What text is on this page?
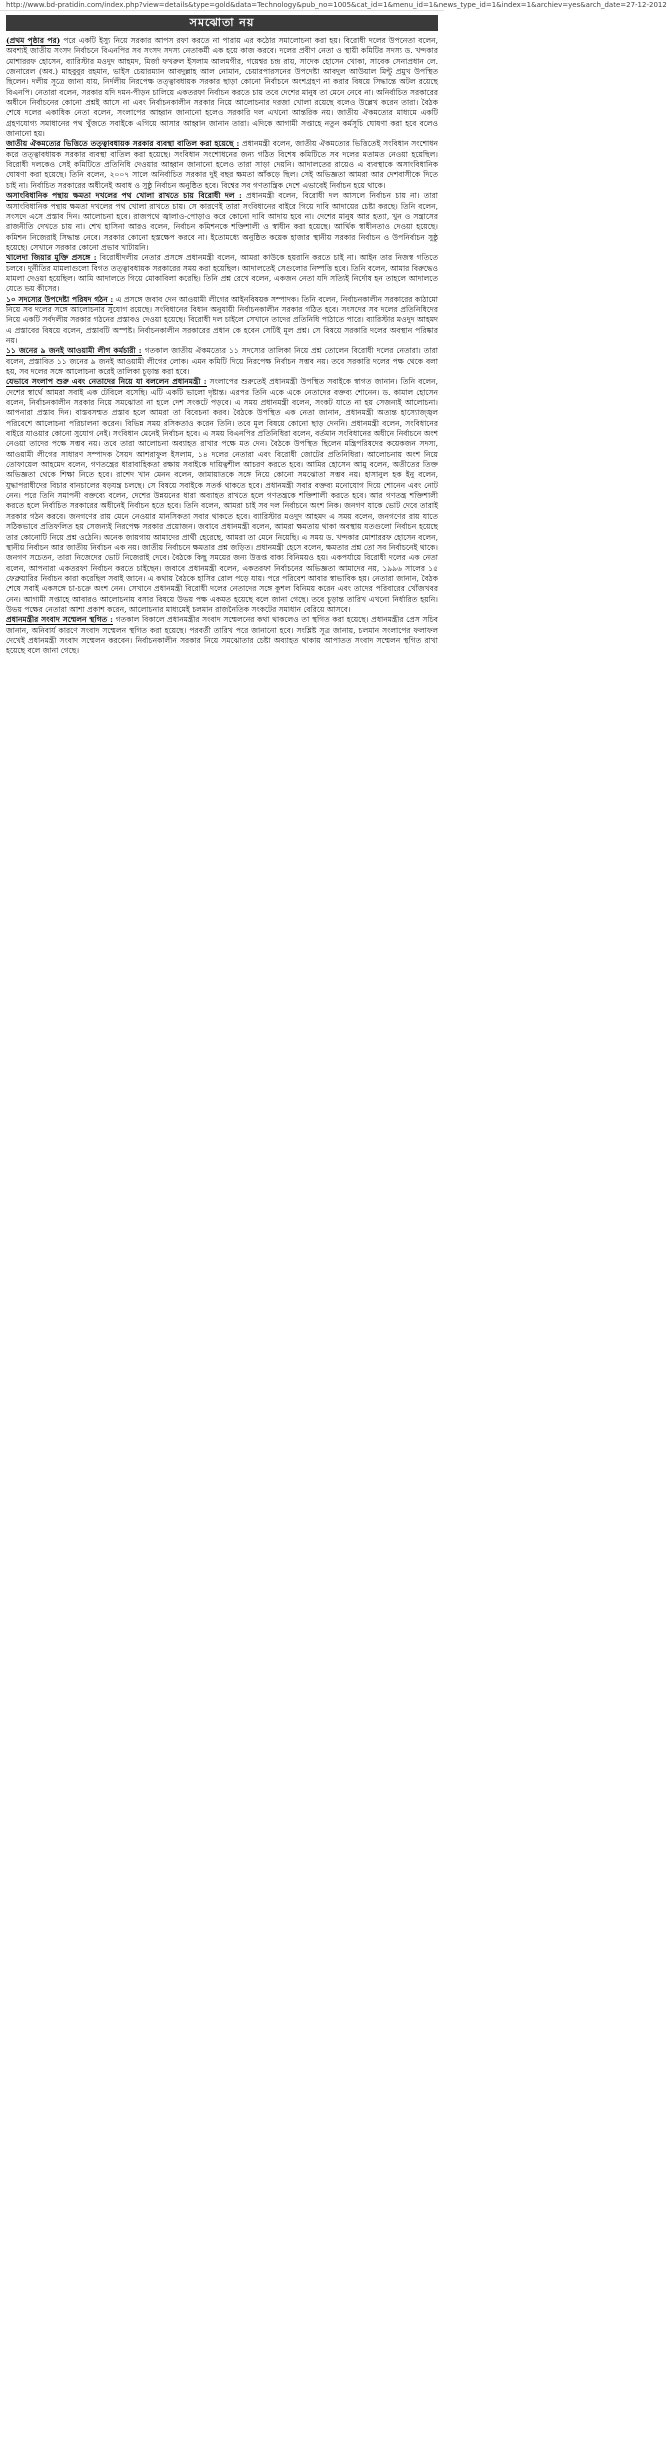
http://www.bd-pratidin.com/index.php?view=details&type=gold&data=Technology&pub_no=1005&cat_id=1&menu_id=1&news_type_id=1&index=1&archiev=yes&arch_date=27-12-2012
সমঝোতা নয়

(প্রথম পৃষ্ঠার পর) পরে একটি ইস্যু নিয়ে সরকার আপস রফা করতে না পারায় এর কঠোর সমালোচনা করা হয়। বিরোধী দলের উপনেতা বলেন, অবশ্যই জাতীয় সংসদ নির্বাচনে বিএনপির সব সংসদ সদস্য নেতাকর্মী এক হয়ে কাজ করবে। দলের প্রবীণ নেতা ও স্থায়ী কমিটির সদস্য ড. খন্দকার মোশাররফ হোসেন, ব্যারিস্টার মওদুদ আহমদ, মির্জা ফখরুল ইসলাম আলমগীর, গয়েশ্বর চন্দ্র রায়, সাদেক হোসেন খোকা, সাবেক সেনাপ্রধান লে. জেনারেল (অব.) মাহবুবুর রহমান, ভাইস চেয়ারম্যান আবদুল্লাহ আল নোমান, চেয়ারপারসনের উপদেষ্টা আবদুল আউয়াল মিন্টু প্রমুখ উপস্থিত ছিলেন। দলীয় সূত্রে জানা যায়, নির্দলীয় নিরপেক্ষ তত্ত্বাবধায়ক সরকার ছাড়া কোনো নির্বাচনে অংশগ্রহণ না করার বিষয়ে সিদ্ধান্তে অটল রয়েছে বিএনপি। নেতারা বলেন, সরকার যদি দমন-পীড়ন চালিয়ে একতরফা নির্বাচন করতে চায় তবে দেশের মানুষ তা মেনে নেবে না। অনির্বাচিত সরকারের অধীনে নির্বাচনের কোনো প্রশ্নই আসে না এবং নির্বাচনকালীন সরকার নিয়ে আলোচনার দরজা খোলা রয়েছে বলেও উল্লেখ করেন তারা। বৈঠক শেষে দলের একাধিক নেতা বলেন, সংলাপের আহ্বান জানানো হলেও সরকারি দল এখনো আন্তরিক নয়। জাতীয় ঐকমত্যের মাধ্যমে একটি গ্রহণযোগ্য সমাধানের পথ খুঁজতে সবাইকে এগিয়ে আসার আহ্বান জানান তারা। এদিকে আগামী সপ্তাহে নতুন কর্মসূচি ঘোষণা করা হবে বলেও জানানো হয়।

জাতীয় ঐকমত্যের ভিত্তিতে তত্ত্বাবধায়ক সরকার ব্যবস্থা বাতিল করা হয়েছে : প্রধানমন্ত্রী বলেন, জাতীয় ঐকমত্যের ভিত্তিতেই সংবিধান সংশোধন করে তত্ত্বাবধায়ক সরকার ব্যবস্থা বাতিল করা হয়েছে। সংবিধান সংশোধনের জন্য গঠিত বিশেষ কমিটিতে সব দলের মতামত নেওয়া হয়েছিল। বিরোধী দলকেও সেই কমিটিতে প্রতিনিধি দেওয়ার আহ্বান জানানো হলেও তারা সাড়া দেয়নি। আদালতের রায়েও এ ব্যবস্থাকে অসাংবিধানিক ঘোষণা করা হয়েছে। তিনি বলেন, ২০০৭ সালে অনির্বাচিত সরকার দুই বছর ক্ষমতা আঁকড়ে ছিল। সেই অভিজ্ঞতা আমরা আর দেশবাসীকে দিতে চাই না। নির্বাচিত সরকারের অধীনেই অবাধ ও সুষ্ঠু নির্বাচন অনুষ্ঠিত হবে। বিশ্বের সব গণতান্ত্রিক দেশে এভাবেই নির্বাচন হয়ে থাকে।

অসাংবিধানিক পন্থায় ক্ষমতা দখলের পথ খোলা রাখতে চায় বিরোধী দল : প্রধানমন্ত্রী বলেন, বিরোধী দল আসলে নির্বাচন চায় না। তারা অসাংবিধানিক পন্থায় ক্ষমতা দখলের পথ খোলা রাখতে চায়। সে কারণেই তারা সংবিধানের বাইরে গিয়ে দাবি আদায়ের চেষ্টা করছে। তিনি বলেন, সংসদে এসে প্রস্তাব দিন। আলোচনা হবে। রাজপথে জ্বালাও-পোড়াও করে কোনো দাবি আদায় হবে না। দেশের মানুষ আর হত্যা, খুন ও সন্ত্রাসের রাজনীতি দেখতে চায় না। শেখ হাসিনা আরও বলেন, নির্বাচন কমিশনকে শক্তিশালী ও স্বাধীন করা হয়েছে। আর্থিক স্বাধীনতাও দেওয়া হয়েছে। কমিশন নিজেরাই সিদ্ধান্ত নেবে। সরকার কোনো হস্তক্ষেপ করবে না। ইতোমধ্যে অনুষ্ঠিত কয়েক হাজার স্থানীয় সরকার নির্বাচন ও উপনির্বাচন সুষ্ঠু হয়েছে। সেখানে সরকার কোনো প্রভাব খাটায়নি।

খালেদা জিয়ার মুক্তি প্রসঙ্গে : বিরোধীদলীয় নেতার প্রসঙ্গে প্রধানমন্ত্রী বলেন, আমরা কাউকে হয়রানি করতে চাই না। আইন তার নিজস্ব গতিতে চলবে। দুর্নীতির মামলাগুলো বিগত তত্ত্বাবধায়ক সরকারের সময় করা হয়েছিল। আদালতেই সেগুলোর নিষ্পত্তি হবে। তিনি বলেন, আমার বিরুদ্ধেও মামলা দেওয়া হয়েছিল। আমি আদালতে গিয়ে মোকাবিলা করেছি। তিনি প্রশ্ন রেখে বলেন, একজন নেতা যদি সত্যিই নির্দোষ হন তাহলে আদালতে যেতে ভয় কীসের।

১০ সদস্যের উপদেষ্টা পরিষদ গঠন : এ প্রসঙ্গে জবাব দেন আওয়ামী লীগের আইনবিষয়ক সম্পাদক। তিনি বলেন, নির্বাচনকালীন সরকারের কাঠামো নিয়ে সব দলের সঙ্গে আলোচনার সুযোগ রয়েছে। সংবিধানের বিধান অনুযায়ী নির্বাচনকালীন সরকার গঠিত হবে। সংসদের সব দলের প্রতিনিধিদের নিয়ে একটি সর্বদলীয় সরকার গঠনের প্রস্তাবও দেওয়া হয়েছে। বিরোধী দল চাইলে সেখানে তাদের প্রতিনিধি পাঠাতে পারে। ব্যারিস্টার মওদুদ আহমদ এ প্রস্তাবের বিষয়ে বলেন, প্রস্তাবটি অস্পষ্ট। নির্বাচনকালীন সরকারের প্রধান কে হবেন সেটিই মূল প্রশ্ন। সে বিষয়ে সরকারি দলের অবস্থান পরিষ্কার নয়।

১১ জনের ৯ জনই আওয়ামী লীগ কর্মচারী : গতকাল জাতীয় ঐকমত্যের ১১ সদস্যের তালিকা নিয়ে প্রশ্ন তোলেন বিরোধী দলের নেতারা। তারা বলেন, প্রস্তাবিত ১১ জনের ৯ জনই আওয়ামী লীগের লোক। এমন কমিটি দিয়ে নিরপেক্ষ নির্বাচন সম্ভব নয়। তবে সরকারি দলের পক্ষ থেকে বলা হয়, সব দলের সঙ্গে আলোচনা করেই তালিকা চূড়ান্ত করা হবে।

যেভাবে সংলাপ শুরু এবং নেতাদের নিয়ে যা বললেন প্রধানমন্ত্রী : সংলাপের শুরুতেই প্রধানমন্ত্রী উপস্থিত সবাইকে স্বাগত জানান। তিনি বলেন, দেশের স্বার্থে আমরা সবাই এক টেবিলে বসেছি। এটি একটি ভালো দৃষ্টান্ত। এরপর তিনি একে একে নেতাদের বক্তব্য শোনেন। ড. কামাল হোসেন বলেন, নির্বাচনকালীন সরকার নিয়ে সমঝোতা না হলে দেশ সংকটে পড়বে। এ সময় প্রধানমন্ত্রী বলেন, সংকট যাতে না হয় সেজন্যই আলোচনা। আপনারা প্রস্তাব দিন। বাস্তবসম্মত প্রস্তাব হলে আমরা তা বিবেচনা করব। বৈঠকে উপস্থিত এক নেতা জানান, প্রধানমন্ত্রী অত্যন্ত হাস্যোজ্জ্বল পরিবেশে আলোচনা পরিচালনা করেন। বিভিন্ন সময় রসিকতাও করেন তিনি। তবে মূল বিষয়ে কোনো ছাড় দেননি। প্রধানমন্ত্রী বলেন, সংবিধানের বাইরে যাওয়ার কোনো সুযোগ নেই। সংবিধান মেনেই নির্বাচন হবে। এ সময় বিএনপির প্রতিনিধিরা বলেন, বর্তমান সংবিধানের অধীনে নির্বাচনে অংশ নেওয়া তাদের পক্ষে সম্ভব নয়। তবে তারা আলোচনা অব্যাহত রাখার পক্ষে মত দেন। বৈঠকে উপস্থিত ছিলেন মন্ত্রিপরিষদের কয়েকজন সদস্য, আওয়ামী লীগের সাধারণ সম্পাদক সৈয়দ আশরাফুল ইসলাম, ১৪ দলের নেতারা এবং বিরোধী জোটের প্রতিনিধিরা। আলোচনায় অংশ নিয়ে তোফায়েল আহমেদ বলেন, গণতন্ত্রের ধারাবাহিকতা রক্ষায় সবাইকে দায়িত্বশীল আচরণ করতে হবে। আমির হোসেন আমু বলেন, অতীতের তিক্ত অভিজ্ঞতা থেকে শিক্ষা নিতে হবে। রাশেদ খান মেনন বলেন, জামায়াতকে সঙ্গে নিয়ে কোনো সমঝোতা সম্ভব নয়। হাসানুল হক ইনু বলেন, যুদ্ধাপরাধীদের বিচার বানচালের ষড়যন্ত্র চলছে। সে বিষয়ে সবাইকে সতর্ক থাকতে হবে। প্রধানমন্ত্রী সবার বক্তব্য মনোযোগ দিয়ে শোনেন এবং নোট নেন। পরে তিনি সমাপনী বক্তব্যে বলেন, দেশের উন্নয়নের ধারা অব্যাহত রাখতে হলে গণতন্ত্রকে শক্তিশালী করতে হবে। আর গণতন্ত্র শক্তিশালী করতে হলে নির্বাচিত সরকারের অধীনেই নির্বাচন হতে হবে। তিনি বলেন, আমরা চাই সব দল নির্বাচনে অংশ নিক। জনগণ যাকে ভোট দেবে তারাই সরকার গঠন করবে। জনগণের রায় মেনে নেওয়ার মানসিকতা সবার থাকতে হবে। ব্যারিস্টার মওদুদ আহমদ এ সময় বলেন, জনগণের রায় যাতে সঠিকভাবে প্রতিফলিত হয় সেজন্যই নিরপেক্ষ সরকার প্রয়োজন। জবাবে প্রধানমন্ত্রী বলেন, আমরা ক্ষমতায় থাকা অবস্থায় যতগুলো নির্বাচন হয়েছে তার কোনোটি নিয়ে প্রশ্ন ওঠেনি। অনেক জায়গায় আমাদের প্রার্থী হেরেছে, আমরা তা মেনে নিয়েছি। এ সময় ড. খন্দকার মোশাররফ হোসেন বলেন, স্থানীয় নির্বাচন আর জাতীয় নির্বাচন এক নয়। জাতীয় নির্বাচনে ক্ষমতার প্রশ্ন জড়িত। প্রধানমন্ত্রী হেসে বলেন, ক্ষমতার প্রশ্ন তো সব নির্বাচনেই থাকে। জনগণ সচেতন, তারা নিজেদের ভোট নিজেরাই দেবে। বৈঠকে কিছু সময়ের জন্য উত্তপ্ত বাক্য বিনিময়ও হয়। একপর্যায়ে বিরোধী দলের এক নেতা বলেন, আপনারা একতরফা নির্বাচন করতে চাইছেন। জবাবে প্রধানমন্ত্রী বলেন, একতরফা নির্বাচনের অভিজ্ঞতা আমাদের নয়, ১৯৯৬ সালের ১৫ ফেব্রুয়ারির নির্বাচন কারা করেছিল সবাই জানে। এ কথায় বৈঠকে হাসির রোল পড়ে যায়। পরে পরিবেশ আবার স্বাভাবিক হয়। নেতারা জানান, বৈঠক শেষে সবাই একসঙ্গে চা-চক্রে অংশ নেন। সেখানে প্রধানমন্ত্রী বিরোধী দলের নেতাদের সঙ্গে কুশল বিনিময় করেন এবং তাদের পরিবারের খোঁজখবর নেন। আগামী সপ্তাহে আবারও আলোচনায় বসার বিষয়ে উভয় পক্ষ একমত হয়েছে বলে জানা গেছে। তবে চূড়ান্ত তারিখ এখনো নির্ধারিত হয়নি। উভয় পক্ষের নেতারা আশা প্রকাশ করেন, আলোচনার মাধ্যমেই চলমান রাজনৈতিক সংকটের সমাধান বেরিয়ে আসবে।

প্রধানমন্ত্রীর সংবাদ সম্মেলন স্থগিত : গতকাল বিকালে প্রধানমন্ত্রীর সংবাদ সম্মেলনের কথা থাকলেও তা স্থগিত করা হয়েছে। প্রধানমন্ত্রীর প্রেস সচিব জানান, অনিবার্য কারণে সংবাদ সম্মেলন স্থগিত করা হয়েছে। পরবর্তী তারিখ পরে জানানো হবে। সংশ্লিষ্ট সূত্র জানায়, চলমান সংলাপের ফলাফল দেখেই প্রধানমন্ত্রী সংবাদ সম্মেলন করবেন। নির্বাচনকালীন সরকার নিয়ে সমঝোতার চেষ্টা অব্যাহত থাকায় আপাতত সংবাদ সম্মেলন স্থগিত রাখা হয়েছে বলে জানা গেছে।
